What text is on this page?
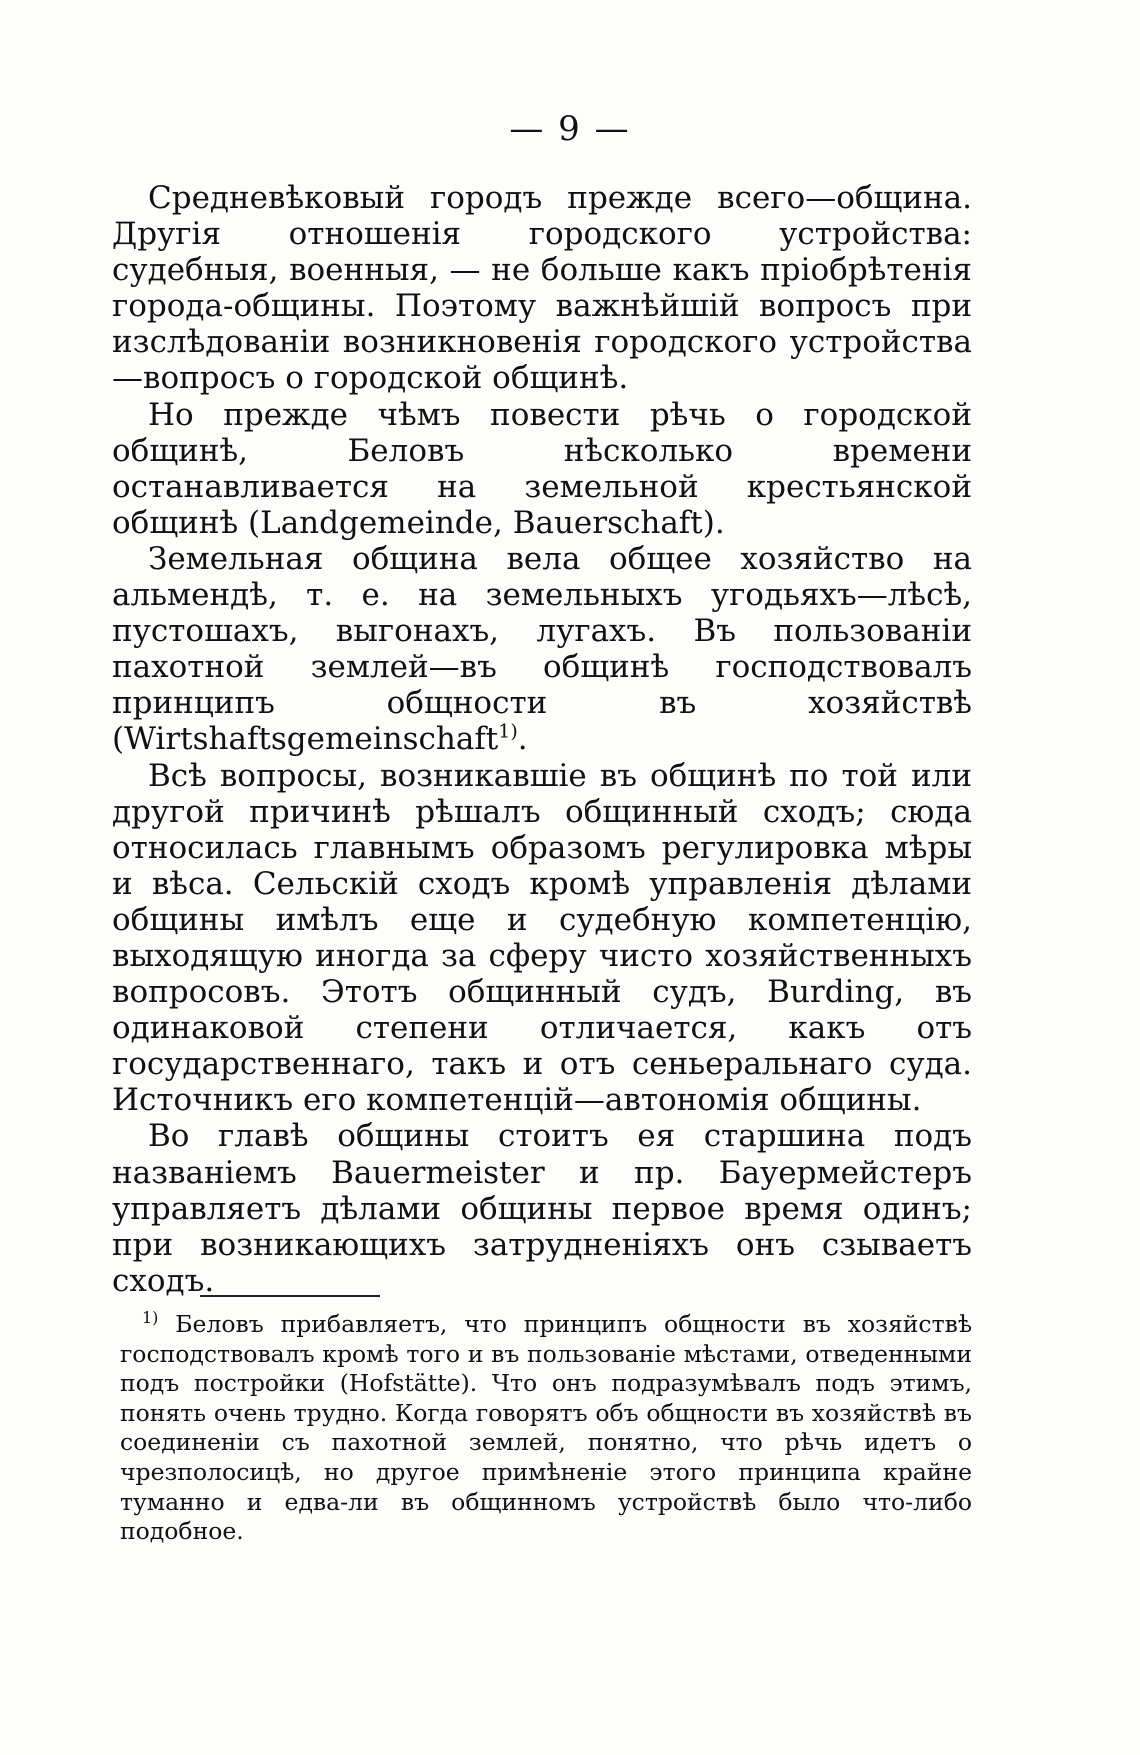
— 9 —

Средневѣковый городъ прежде всего—община. Другія отношенія городского устройства: судебныя, военныя, — не больше какъ пріобрѣтенія города-общины. Поэтому важнѣйшій вопросъ при изслѣдованіи возникновенія городского устройства—вопросъ о городской общинѣ.

Но прежде чѣмъ повести рѣчь о городской общинѣ, Беловъ нѣсколько времени останавливается на земельной крестьянской общинѣ (Landgemeinde, Bauerschaft).

Земельная община вела общее хозяйство на альмендѣ, т. е. на земельныхъ угодьяхъ—лѣсѣ, пустошахъ, выгонахъ, лугахъ. Въ пользованіи пахотной землей—въ общинѣ господствовалъ принципъ общности въ хозяйствѣ (Wirtshaftsgemeinschaft$^{1)}$.

Всѣ вопросы, возникавшіе въ общинѣ по той или другой причинѣ рѣшалъ общинный сходъ; сюда относилась главнымъ образомъ регулировка мѣры и вѣса. Сельскій сходъ кромѣ управленія дѣлами общины имѣлъ еще и судебную компетенцію, выходящую иногда за сферу чисто хозяйственныхъ вопросовъ. Этотъ общинный судъ, Burding, въ одинаковой степени отличается, какъ отъ государственнаго, такъ и отъ сеньеральнаго суда. Источникъ его компетенцій—автономія общины.

Во главѣ общины стоитъ ея старшина подъ названіемъ Bauermeister и пр. Бауермейстеръ управляетъ дѣлами общины первое время одинъ; при возникающихъ затрудненіяхъ онъ сзываетъ сходъ.

$^{1)}$ Беловъ прибавляетъ, что принципъ общности въ хозяйствѣ господствовалъ кромѣ того и въ пользованіе мѣстами, отведенными подъ постройки (Hofstätte). Что онъ подразумѣвалъ подъ этимъ, понять очень трудно. Когда говорятъ объ общности въ хозяйствѣ въ соединеніи съ пахотной землей, понятно, что рѣчь идетъ о чрезполосицѣ, но другое примѣненіе этого принципа крайне туманно и едва-ли въ общинномъ устройствѣ было что-либо подобное.
